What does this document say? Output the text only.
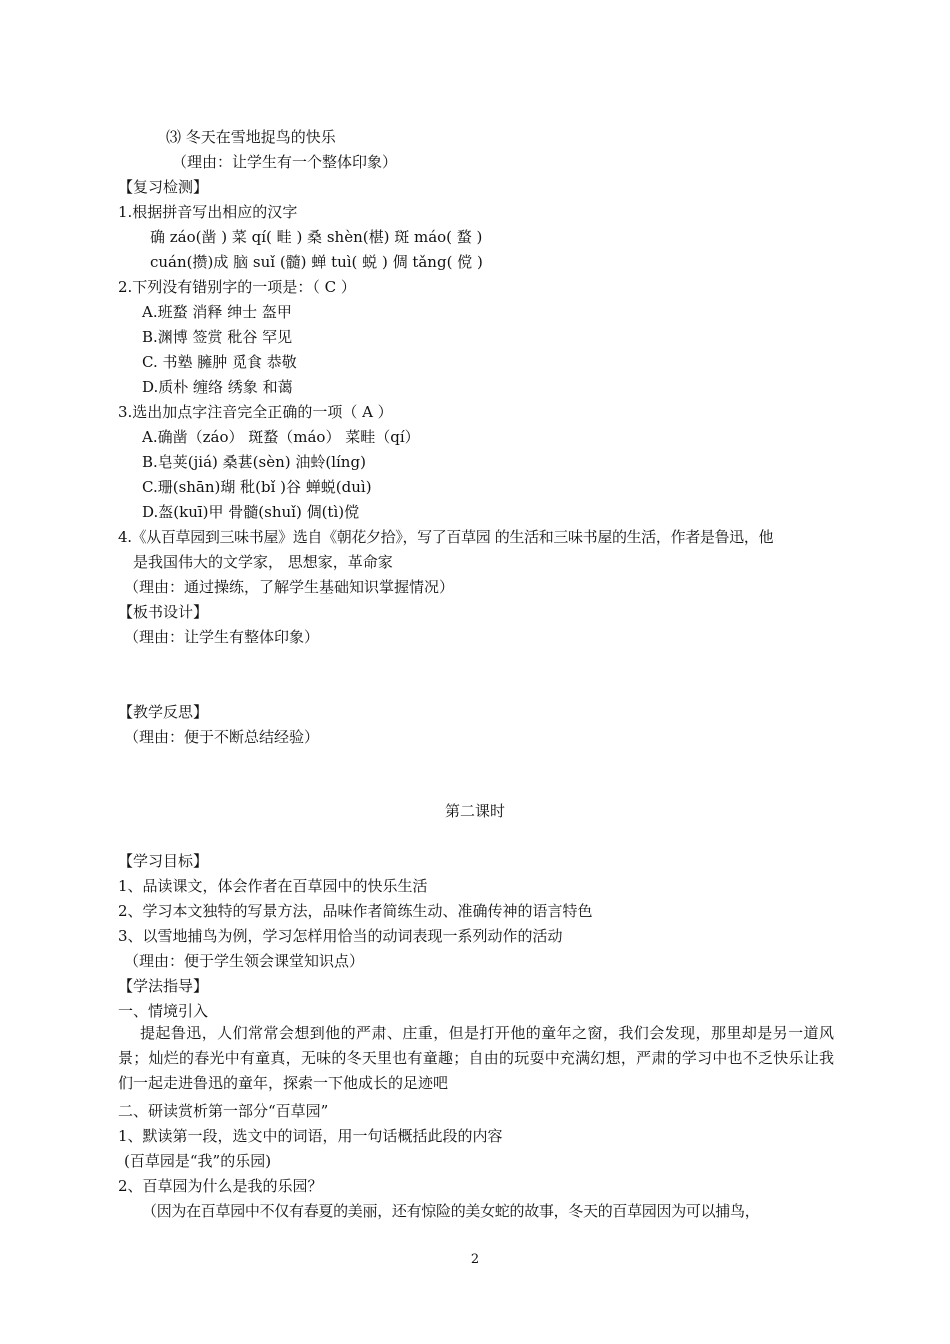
⑶ 冬天在雪地捉鸟的快乐
（理由：让学生有一个整体印象）
【复习检测】
1.根据拼音写出相应的汉字
确 záo(凿 ) 菜 qí( 畦 ) 桑 shèn(椹) 斑 máo( 蝥 )
cuán(攒)成 脑 suǐ (髓) 蝉 tuì( 蜕 ) 倜 tǎng( 傥 )
2.下列没有错别字的一项是：（ C ）
A.班蝥 消释 绅士 盔甲
B.渊博 签赏 秕谷 罕见
C. 书塾 臃肿 觅食 恭敬
D.质朴 缠络 绣象 和蔼
3.选出加点字注音完全正确的一项（ A ）
A.确凿（záo） 斑蝥（máo） 菜畦（qí）
B.皂荚(jiá) 桑葚(sèn) 油蛉(líng)
C.珊(shān)瑚 秕(bǐ )谷 蝉蜕(duì)
D.盔(kuī)甲 骨髓(shuǐ) 倜(tì)傥
4.《从百草园到三味书屋》选自《朝花夕拾》，写了百草园 的生活和三味书屋的生活，作者是鲁迅，他
是我国伟大的文学家， 思想家，革命家
（理由：通过操练，了解学生基础知识掌握情况）
【板书设计】
（理由：让学生有整体印象）
【教学反思】
（理由：便于不断总结经验）
第二课时
【学习目标】
1、品读课文，体会作者在百草园中的快乐生活
2、学习本文独特的写景方法，品味作者简练生动、准确传神的语言特色
3、以雪地捕鸟为例，学习怎样用恰当的动词表现一系列动作的活动
（理由：便于学生领会课堂知识点）
【学法指导】
一、情境引入
提起鲁迅，人们常常会想到他的严肃、庄重，但是打开他的童年之窗，我们会发现，那里却是另一道风景；灿烂的春光中有童真，无味的冬天里也有童趣；自由的玩耍中充满幻想，严肃的学习中也不乏快乐让我们一起走进鲁迅的童年，探索一下他成长的足迹吧
二、研读赏析第一部分“百草园”
1、默读第一段，选文中的词语，用一句话概括此段的内容
(百草园是“我”的乐园)
2、百草园为什么是我的乐园？
（因为在百草园中不仅有春夏的美丽，还有惊险的美女蛇的故事，冬天的百草园因为可以捕鸟，
2
